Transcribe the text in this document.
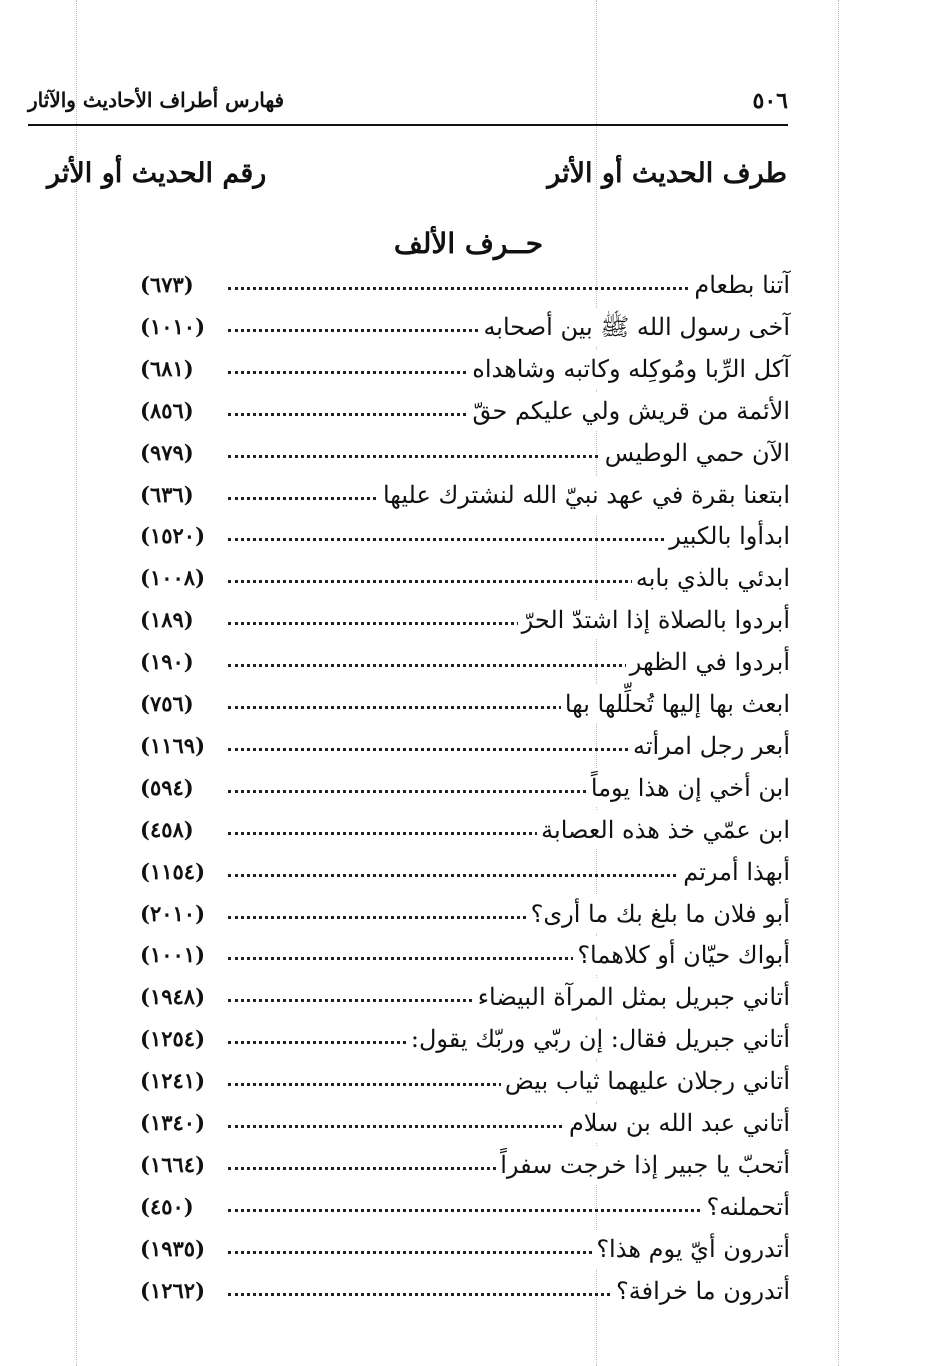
٥٠٦
فهارس أطراف الأحاديث والآثار
طرف الحديث أو الأثر
رقم الحديث أو الأثر
حــرف الألف
آتنا بطعام
(٦٧٣)
آخى رسول الله ﷺ بين أصحابه
(١٠١٠)
آكل الرِّبا ومُوكِله وكاتبه وشاهداه
(٦٨١)
الأئمة من قريش ولي عليكم حقّ
(٨٥٦)
الآن حمي الوطيس
(٩٧٩)
ابتعنا بقرة في عهد نبيّ الله لنشترك عليها
(٦٣٦)
ابدأوا بالكبير
(١٥٢٠)
ابدئي بالذي بابه
(١٠٠٨)
أبردوا بالصلاة إذا اشتدّ الحرّ
(١٨٩)
أبردوا في الظهر
(١٩٠)
ابعث بها إليها تُحلِّلها بها
(٧٥٦)
أبعر رجل امرأته
(١١٦٩)
ابن أخي إن هذا يوماً
(٥٩٤)
ابن عمّي خذ هذه العصابة
(٤٥٨)
أبهذا أمرتم
(١١٥٤)
أبو فلان ما بلغ بك ما أرى؟
(٢٠١٠)
أبواك حيّان أو كلاهما؟
(١٠٠١)
أتاني جبريل بمثل المرآة البيضاء
(١٩٤٨)
أتاني جبريل فقال: إن ربّي وربّك يقول:
(١٢٥٤)
أتاني رجلان عليهما ثياب بيض
(١٢٤١)
أتاني عبد الله بن سلام
(١٣٤٠)
أتحبّ يا جبير إذا خرجت سفراً
(١٦٦٤)
أتحملنه؟
(٤٥٠)
أتدرون أيّ يوم هذا؟
(١٩٣٥)
أتدرون ما خرافة؟
(١٢٦٢)
